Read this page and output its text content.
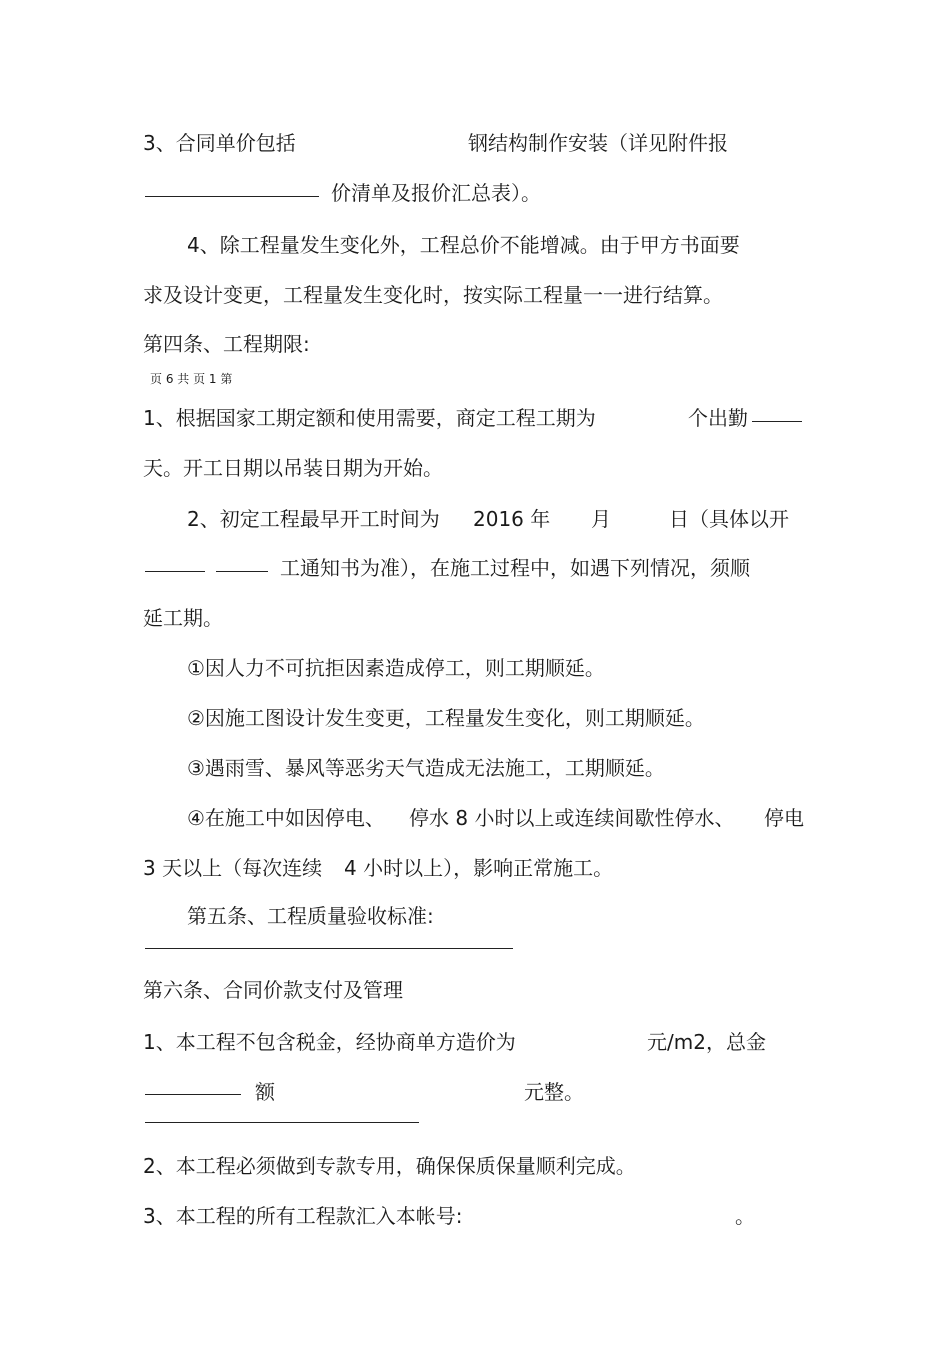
3、合同单价包括	钢结构制作安装（详见附件报
价清单及报价汇总表）。
4、除工程量发生变化外，工程总价不能增减。由于甲方书面要
求及设计变更，工程量发生变化时，按实际工程量一一进行结算。
第四条、工程期限:
页 6 共 页 1 第
1、根据国家工期定额和使用需要，商定工程工期为	个出勤
天。开工日期以吊装日期为开始。
2、初定工程最早开工时间为 2016 年 月	日（具体以开
工通知书为准），在施工过程中，如遇下列情况，须顺
延工期。
①因人力不可抗拒因素造成停工，则工期顺延。
②因施工图设计发生变更，工程量发生变化，则工期顺延。
③遇雨雪、暴风等恶劣天气造成无法施工，工期顺延。
④在施工中如因停电、 停水 8 小时以上或连续间歇性停水、 停电
3 天以上（每次连续 4 小时以上），影响正常施工。
第五条、工程质量验收标准:
第六条、合同价款支付及管理
1、本工程不包含税金，经协商单方造价为	元/m2，总金
额	元整。
2、本工程必须做到专款专用，确保保质保量顺利完成。
3、本工程的所有工程款汇入本帐号:	。
